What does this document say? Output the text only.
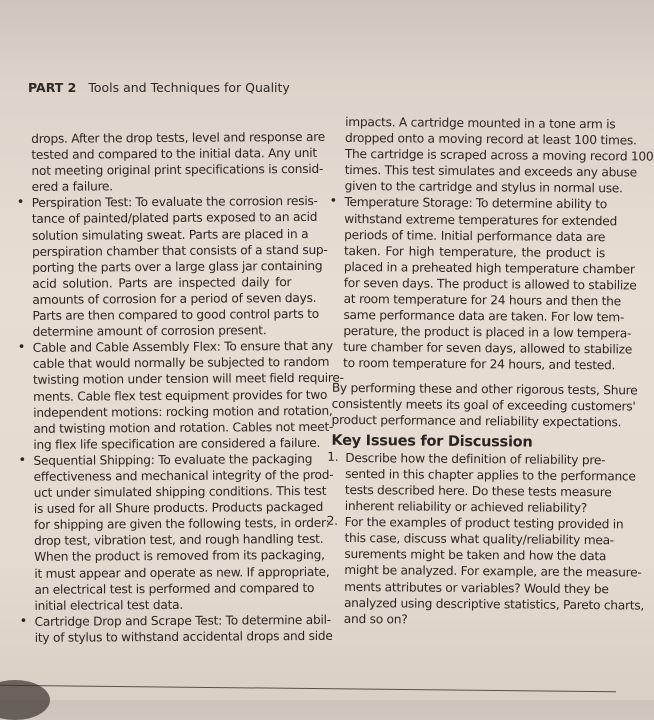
PART 2 Tools and Techniques for Quality
drops. After the drop tests, level and response are
tested and compared to the initial data. Any unit
not meeting original print specifications is consid-
ered a failure.
• Perspiration Test: To evaluate the corrosion resis-
tance of painted/plated parts exposed to an acid
solution simulating sweat. Parts are placed in a
perspiration chamber that consists of a stand sup-
porting the parts over a large glass jar containing
acid solution. Parts are inspected daily for
amounts of corrosion for a period of seven days.
Parts are then compared to good control parts to
determine amount of corrosion present.
• Cable and Cable Assembly Flex: To ensure that any
cable that would normally be subjected to random
twisting motion under tension will meet field require-
ments. Cable flex test equipment provides for two
independent motions: rocking motion and rotation,
and twisting motion and rotation. Cables not meet-
ing flex life specification are considered a failure.
• Sequential Shipping: To evaluate the packaging
effectiveness and mechanical integrity of the prod-
uct under simulated shipping conditions. This test
is used for all Shure products. Products packaged
for shipping are given the following tests, in order:
drop test, vibration test, and rough handling test.
When the product is removed from its packaging,
it must appear and operate as new. If appropriate,
an electrical test is performed and compared to
initial electrical test data.
• Cartridge Drop and Scrape Test: To determine abil-
ity of stylus to withstand accidental drops and side
impacts. A cartridge mounted in a tone arm is
dropped onto a moving record at least 100 times.
The cartridge is scraped across a moving record 100
times. This test simulates and exceeds any abuse
given to the cartridge and stylus in normal use.
• Temperature Storage: To determine ability to
withstand extreme temperatures for extended
periods of time. Initial performance data are
taken. For high temperature, the product is
placed in a preheated high temperature chamber
for seven days. The product is allowed to stabilize
at room temperature for 24 hours and then the
same performance data are taken. For low tem-
perature, the product is placed in a low tempera-
ture chamber for seven days, allowed to stabilize
to room temperature for 24 hours, and tested.
By performing these and other rigorous tests, Shure
consistently meets its goal of exceeding customers'
product performance and reliability expectations.
Key Issues for Discussion
1. Describe how the definition of reliability pre-
sented in this chapter applies to the performance
tests described here. Do these tests measure
inherent reliability or achieved reliability?
2. For the examples of product testing provided in
this case, discuss what quality/reliability mea-
surements might be taken and how the data
might be analyzed. For example, are the measure-
ments attributes or variables? Would they be
analyzed using descriptive statistics, Pareto charts,
and so on?
